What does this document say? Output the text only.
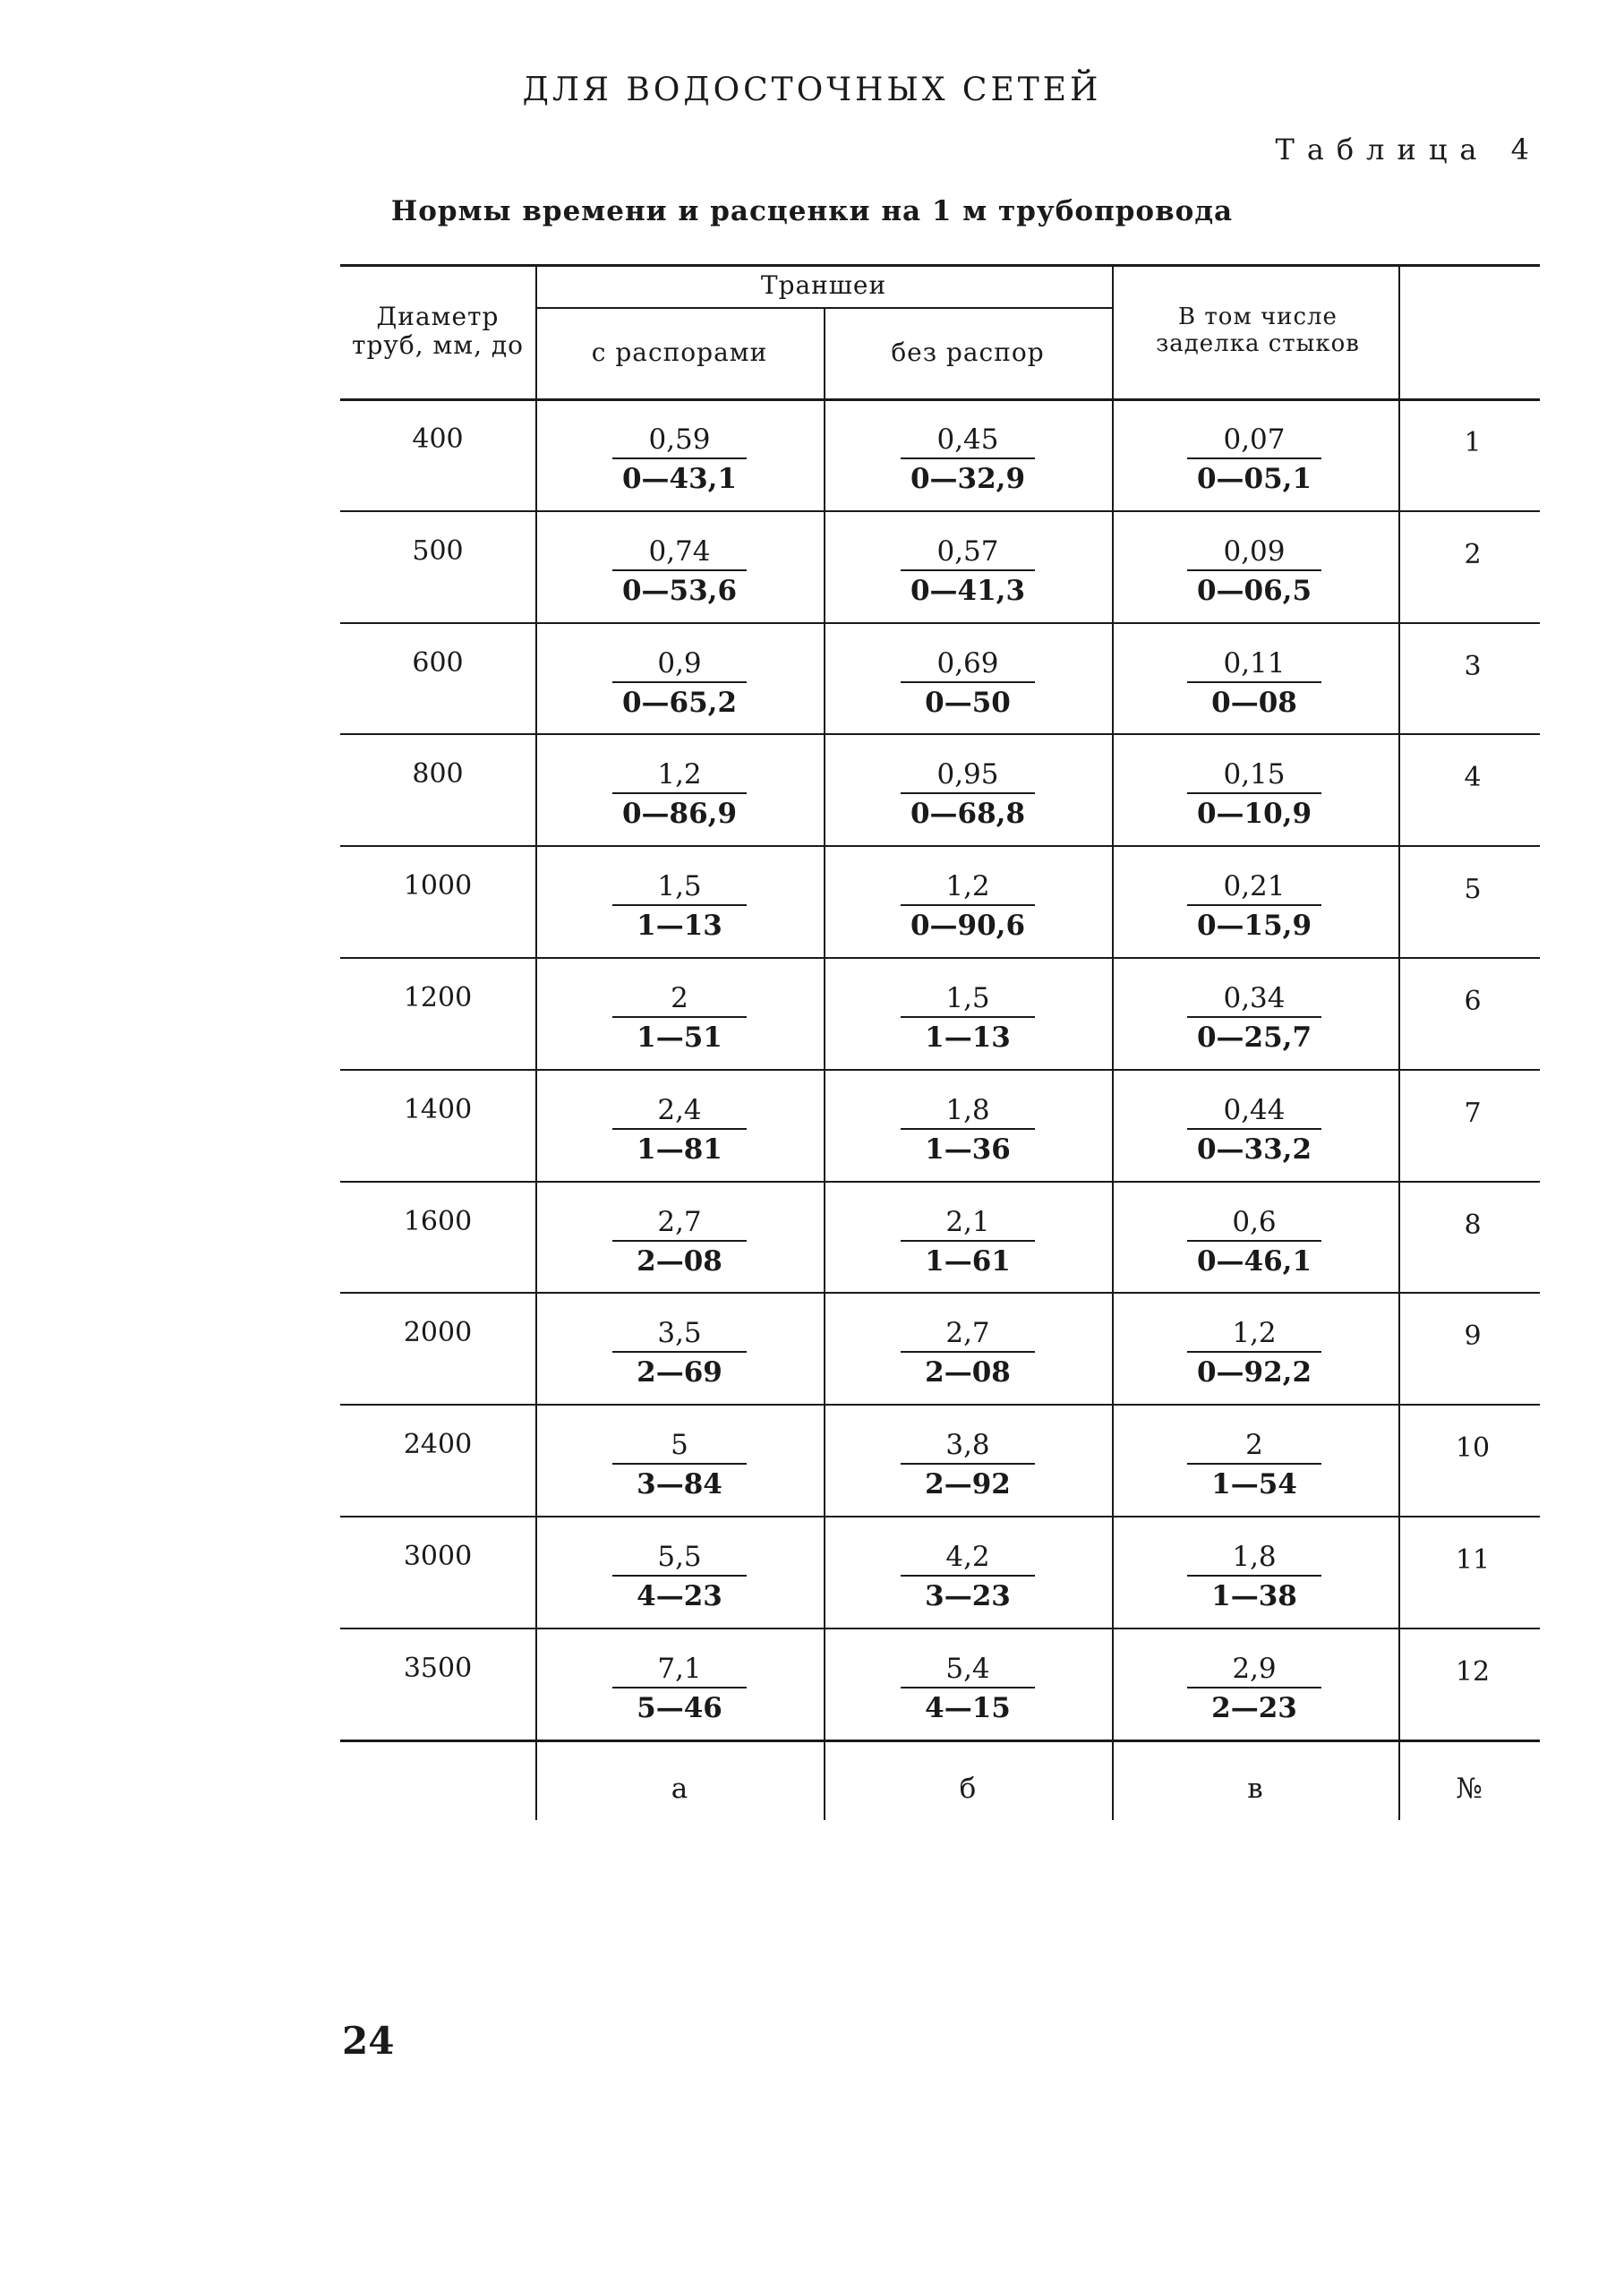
ДЛЯ ВОДОСТОЧНЫХ СЕТЕЙ
Таблица 4
Нормы времени и расценки на 1 м трубопровода
Диаметр труб, мм, до
Траншеи
с распорами	без распор
В том числе заделка стыков
400	$\frac{0,59}{0—43,1}$	$\frac{0,45}{0—32,9}$	$\frac{0,07}{0—05,1}$	1
500	$\frac{0,74}{0—53,6}$	$\frac{0,57}{0—41,3}$	$\frac{0,09}{0—06,5}$	2
600	$\frac{0,9}{0—65,2}$	$\frac{0,69}{0—50}$	$\frac{0,11}{0—08}$	3
800	$\frac{1,2}{0—86,9}$	$\frac{0,95}{0—68,8}$	$\frac{0,15}{0—10,9}$	4
1000	$\frac{1,5}{1—13}$	$\frac{1,2}{0—90,6}$	$\frac{0,21}{0—15,9}$	5
1200	$\frac{2}{1—51}$	$\frac{1,5}{1—13}$	$\frac{0,34}{0—25,7}$	6
1400	$\frac{2,4}{1—81}$	$\frac{1,8}{1—36}$	$\frac{0,44}{0—33,2}$	7
1600	$\frac{2,7}{2—08}$	$\frac{2,1}{1—61}$	$\frac{0,6}{0—46,1}$	8
2000	$\frac{3,5}{2—69}$	$\frac{2,7}{2—08}$	$\frac{1,2}{0—92,2}$	9
2400	$\frac{5}{3—84}$	$\frac{3,8}{2—92}$	$\frac{2}{1—54}$	10
3000	$\frac{5,5}{4—23}$	$\frac{4,2}{3—23}$	$\frac{1,8}{1—38}$	11
3500	$\frac{7,1}{5—46}$	$\frac{5,4}{4—15}$	$\frac{2,9}{2—23}$	12
а	б	в	№
24
